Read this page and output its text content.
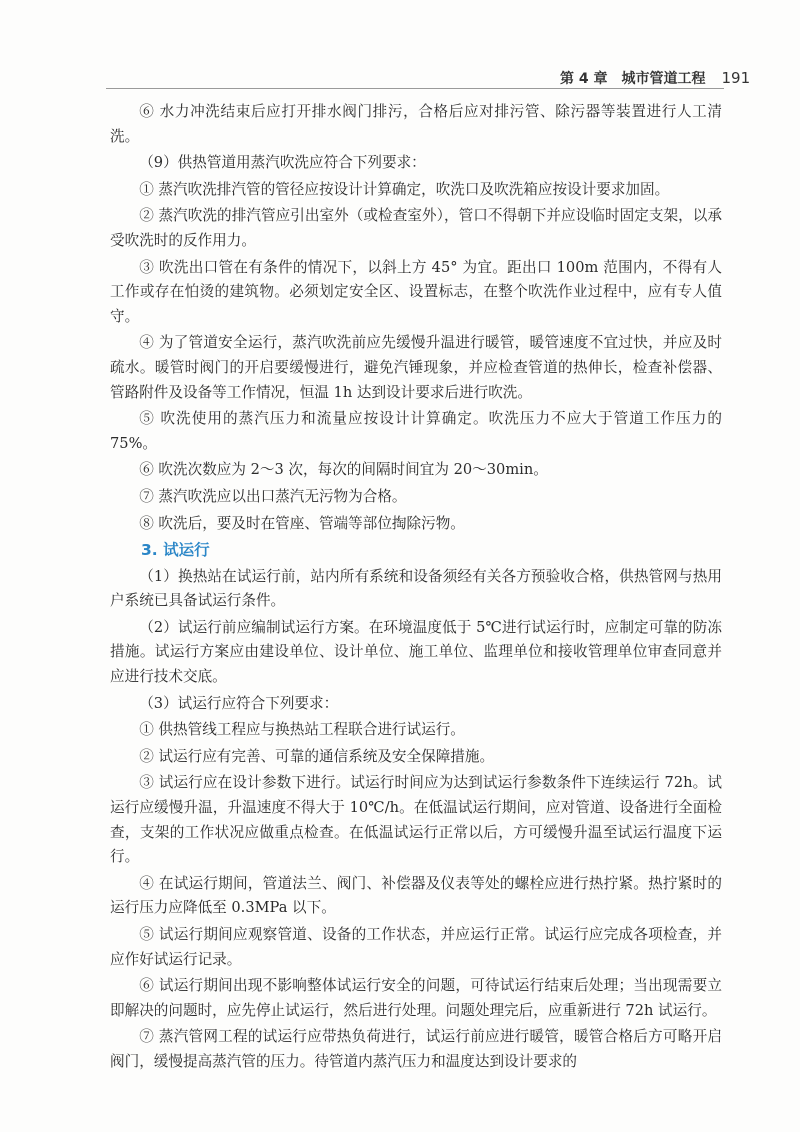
第 4 章 城市管道工程 191

⑥ 水力冲洗结束后应打开排水阀门排污，合格后应对排污管、除污器等装置进行人工清洗。

（9）供热管道用蒸汽吹洗应符合下列要求：

① 蒸汽吹洗排汽管的管径应按设计计算确定，吹洗口及吹洗箱应按设计要求加固。

② 蒸汽吹洗的排汽管应引出室外（或检查室外），管口不得朝下并应设临时固定支架，以承受吹洗时的反作用力。

③ 吹洗出口管在有条件的情况下，以斜上方 45° 为宜。距出口 100m 范围内，不得有人工作或存在怕烫的建筑物。必须划定安全区、设置标志，在整个吹洗作业过程中，应有专人值守。

④ 为了管道安全运行，蒸汽吹洗前应先缓慢升温进行暖管，暖管速度不宜过快，并应及时疏水。暖管时阀门的开启要缓慢进行，避免汽锤现象，并应检查管道的热伸长，检查补偿器、管路附件及设备等工作情况，恒温 1h 达到设计要求后进行吹洗。

⑤ 吹洗使用的蒸汽压力和流量应按设计计算确定。吹洗压力不应大于管道工作压力的 75%。

⑥ 吹洗次数应为 2～3 次，每次的间隔时间宜为 20～30min。

⑦ 蒸汽吹洗应以出口蒸汽无污物为合格。

⑧ 吹洗后，要及时在管座、管端等部位掏除污物。

3. 试运行

（1）换热站在试运行前，站内所有系统和设备须经有关各方预验收合格，供热管网与热用户系统已具备试运行条件。

（2）试运行前应编制试运行方案。在环境温度低于 5℃进行试运行时，应制定可靠的防冻措施。试运行方案应由建设单位、设计单位、施工单位、监理单位和接收管理单位审查同意并应进行技术交底。

（3）试运行应符合下列要求：

① 供热管线工程应与换热站工程联合进行试运行。

② 试运行应有完善、可靠的通信系统及安全保障措施。

③ 试运行应在设计参数下进行。试运行时间应为达到试运行参数条件下连续运行 72h。试运行应缓慢升温，升温速度不得大于 10℃/h。在低温试运行期间，应对管道、设备进行全面检查，支架的工作状况应做重点检查。在低温试运行正常以后，方可缓慢升温至试运行温度下运行。

④ 在试运行期间，管道法兰、阀门、补偿器及仪表等处的螺栓应进行热拧紧。热拧紧时的运行压力应降低至 0.3MPa 以下。

⑤ 试运行期间应观察管道、设备的工作状态，并应运行正常。试运行应完成各项检查，并应作好试运行记录。

⑥ 试运行期间出现不影响整体试运行安全的问题，可待试运行结束后处理；当出现需要立即解决的问题时，应先停止试运行，然后进行处理。问题处理完后，应重新进行 72h 试运行。

⑦ 蒸汽管网工程的试运行应带热负荷进行，试运行前应进行暖管，暖管合格后方可略开启阀门，缓慢提高蒸汽管的压力。待管道内蒸汽压力和温度达到设计要求的
